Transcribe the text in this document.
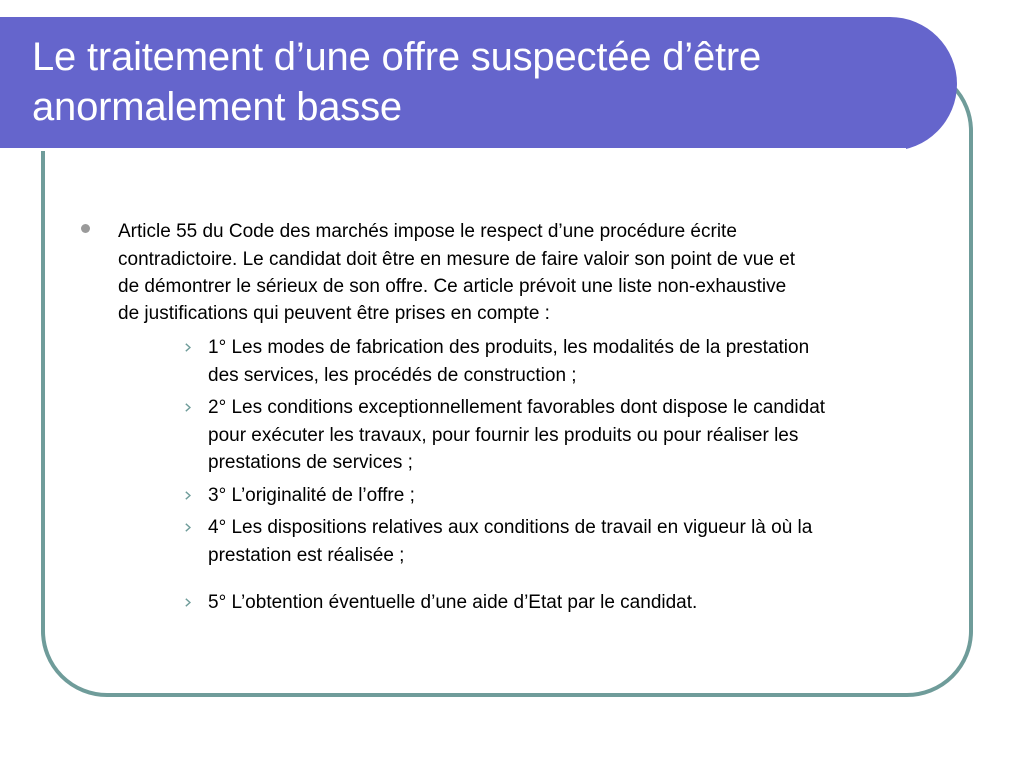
Le traitement d’une offre suspectée d’être
anormalement basse
Article 55 du Code des marchés impose le respect d’une procédure écrite
contradictoire. Le candidat doit être en mesure de faire valoir son point de vue et
de démontrer le sérieux de son offre. Ce article prévoit une liste non-exhaustive
de justifications qui peuvent être prises en compte :
1° Les modes de fabrication des produits, les modalités de la prestation
des services, les procédés de construction ;
2° Les conditions exceptionnellement favorables dont dispose le candidat
pour exécuter les travaux, pour fournir les produits ou pour réaliser les
prestations de services ;
3° L’originalité de l’offre ;
4° Les dispositions relatives aux conditions de travail en vigueur là où la
prestation est réalisée ;
5° L’obtention éventuelle d’une aide d’Etat par le candidat.
